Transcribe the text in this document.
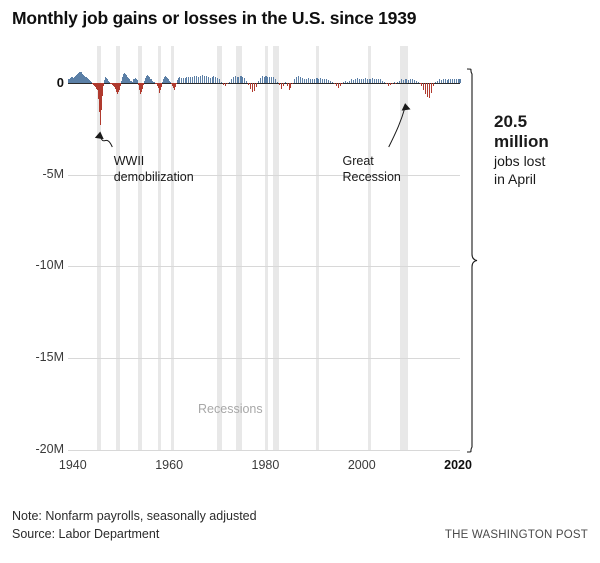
Monthly job gains or losses in the U.S. since 1939
20.5
million
jobs lost
in April
Recessions
WWII
demobilization
Great
Recession
Note: Nonfarm payrolls, seasonally adjusted
Source: Labor Department	THE WASHINGTON POST
0
-5M
-10M
-15M
-20M
1940	1960	1980	2000	2020
